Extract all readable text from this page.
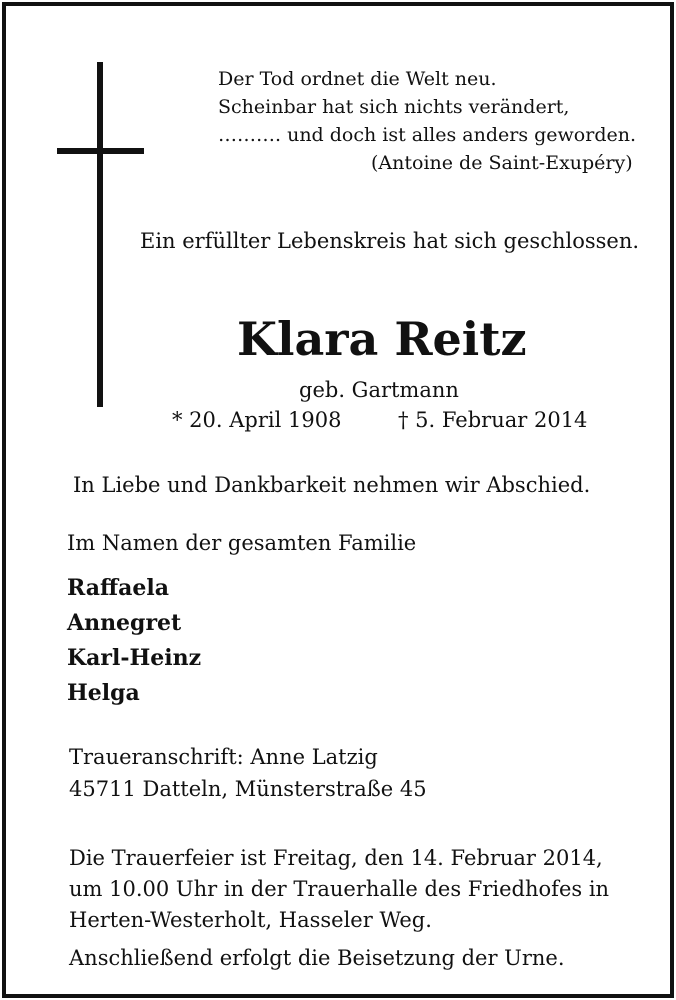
Der Tod ordnet die Welt neu.
Scheinbar hat sich nichts verändert,
………. und doch ist alles anders geworden.
(Antoine de Saint-Exupéry)
Ein erfüllter Lebenskreis hat sich geschlossen.
Klara Reitz
geb. Gartmann
* 20. April 1908	† 5. Februar 2014
In Liebe und Dankbarkeit nehmen wir Abschied.
Im Namen der gesamten Familie
Raffaela
Annegret
Karl-Heinz
Helga
Traueranschrift: Anne Latzig
45711 Datteln, Münsterstraße 45
Die Trauerfeier ist Freitag, den 14. Februar 2014,
um 10.00 Uhr in der Trauerhalle des Friedhofes in
Herten-Westerholt, Hasseler Weg.
Anschließend erfolgt die Beisetzung der Urne.
